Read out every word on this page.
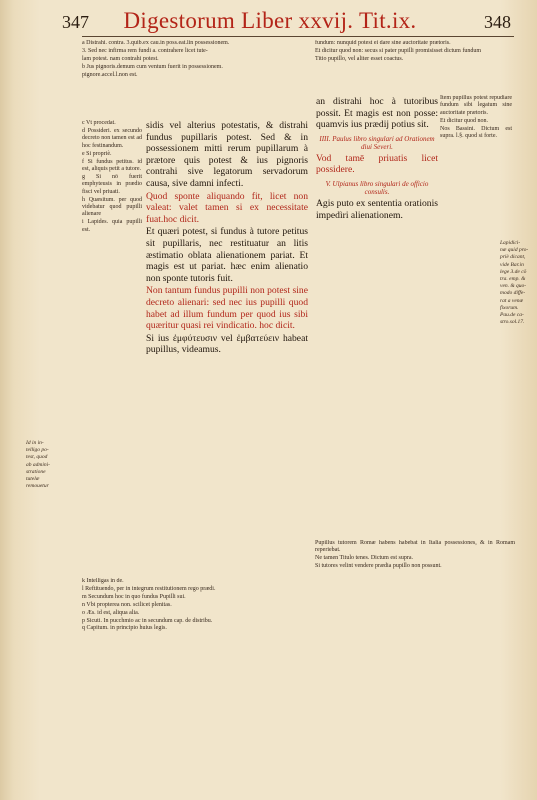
347 Digestorum Liber xxvij. Tit.ix.	348

a Distrahi. contra. 3.quib.ex cau.in poss.eat.lin possessionem.

3. Sed nec infirma rem fundi a. contrahere licet tute-

lam potest. nam contrahi potest.

b Jus pignoris.demum cum ventum fuerit in possessionem.

pignore.accel.l.non est.

c Vt procedat.

d Possideri. ex secundo decreto non tamen est ad hoc festinandum.

e Si propriè.

f Si fundus petitus. id est, aliquis petit a tutore.

g Si nō fuerit emphyteusis in prædio fisci vel priuati.

h Quæsitum. per quod videbatur quod pupilli alienare

i Lapides. quia pupilli est.

sidis vel alterius potestatis, & distrahi fundus pupillaris potest. Sed & in possessionem mitti rerum pupillarum à prætore quis potest & ius pignoris contrahi sive legatorum servadorum causa, sive damni infecti.

Quod sponte aliquando fit, licet non valeat: valet tamen si ex necessitate fuat.hoc dicit.

Et quæri potest, si fundus à tutore petitus sit pupillaris, nec restituatur an litis æstimatio oblata alienationem pariat. Et magis est ut pariat. hæc enim alienatio non sponte tutoris fuit.

Non tantum fundus pupilli non potest sine decreto alienari: sed nec ius pupilli quod habet ad illum fundum per quod ius sibi quæritur quasi rei vindicatio. hoc dicit.

Si ius ἐμφύτευσιν vel ἐμβατεύειν habeat pupillus, videamus.

fundum: nunquid potest ei dare sine auctoritate prætoris.

Et dicitur quod non: secus si pater pupilli promisisset dictum fundum

Titio pupillo, vel aliter esset coactus.

an distrahi hoc à tutoribus possit. Et magis est non posse: quamvis ius prædij potius sit.

IIII. Paulus libro singulari ad Orationem diui Severi.

Vod tamē priuatis licet possidere.

V. Ulpianus libro singulari de officio consulis.

Agis puto ex sententia orationis impedìri alienationem.

Item pupillus potest repudiare fundum sibi legatum sine auctoritate prætoris.

Et dicitur quod non.

Nos Bassini. Dictum est supra. l.§. quod si forte.

k Intelligas in de.

l Reftituendo, per in integrum restitutionem rego prædi.

m Secundum hoc in quo fundus Pupilli sui.

n Vbi propterea non. scilicet plenitas.

o Æs. id est, aliqua alia.

p Sicuti. In pucchmio ac in secundum cap. de distribu.

q Capitum. in principio huius legis.

Pupillus tutorem Romæ habens habebat in Italia possessiones, & in Romam reperiebat.

Ne tamen Titulo tenes. Dictum est supra.

Si tutores velint vendere prædia pupillo non possunt.

Id in in-

telligo po-

test, quod

ab admini-

stratione

tutelæ

remouetur

Lapidici-

næ quid pro-

priè dicant,

vide Bar.in

lege 3.de cō

tra. emp. &

ven. & quo-

modo diffe-

rat a venæ

fixorum.

Pau.de ca-

stro.sol.17.
